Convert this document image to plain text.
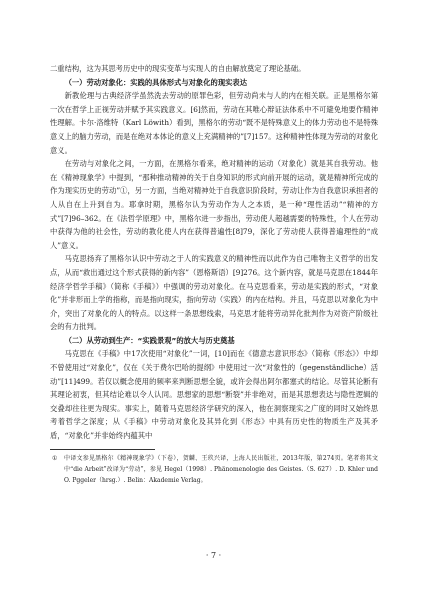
二重结构，这为其思考历史中的现实变革与实现人的自由解放奠定了理论基础。

（一）劳动对象化：实践的具体形式与对象化的现实表达

新教伦理与古典经济学虽然洗去劳动的原罪色彩，但劳动尚未与人的内在相关联。正是黑格尔第一次在哲学上正视劳动并赋予其实践意义。[6]然而，劳动在其唯心辩证法体系中不可避免地要作精神性理解。卡尔·洛维特（Karl Löwith）看到，黑格尔的劳动“既不是特殊意义上的体力劳动也不是特殊意义上的脑力劳动，而是在绝对本体论的意义上充满精神的”[7]157。这种精神性体现为劳动的对象化意义。

在劳动与对象化之间，一方面，在黑格尔看来，绝对精神的运动（对象化）就是其自我劳动。他在《精神现象学》中提到，“那种推动精神的关于自身知识的形式向前开展的运动，就是精神所完成的作为现实历史的劳动”①，另一方面，当绝对精神处于自我意识阶段时，劳动让作为自我意识承担者的人从自在上升到自为。耶拿时期，黑格尔认为劳动作为人之本质，是一种“理性活动”“精神的方式”[7]96–362。在《法哲学原理》中，黑格尔进一步指出，劳动使人超越需要的特殊性，个人在劳动中获得为他的社会性，劳动的教化使人内在获得普遍性[8]79，深化了劳动使人获得普遍理性的“成人”意义。

马克思扬弃了黑格尔认识中劳动之于人的实践意义的精神性而以此作为自己唯物主义哲学的出发点，从而“救出通过这个形式获得的新内容”（恩格斯语）[9]276。这个新内容，就是马克思在1844年经济学哲学手稿》（简称《手稿》）中强调的劳动对象化。在马克思看来，劳动是实践的形式，“对象化”并非形而上学的指称，而是指向现实，指向劳动（实践）的内在结构。并且，马克思以对象化为中介，突出了对象化的人的特点。以这样一条思想线索，马克思才能将劳动异化批判作为对资产阶级社会的有力批判。

（二）从劳动到生产：“实践景观”的放大与历史奠基

马克思在《手稿》中17次使用“对象化”一词，[10]而在《德意志意识形态》（简称《形态》）中却不曾使用过“对象化”，仅在《关于费尔巴哈的提纲》中使用过一次“对象性的（gegenständliche）活动”[11]499。若仅以概念使用的频率来判断思想全貌，或许会得出阿尔都塞式的结论。尽管其论断有其理论初衷，但其结论难以令人认同。思想家的思想“断裂”并非绝对，而是其思想表达与隐性逻辑的交叠却往往更为现实。事实上，随着马克思经济学研究的深入，他在洞察现实之广度的同时又始终思考着哲学之深度；从《手稿》中劳动对象化及其异化到《形态》中具有历史性的物质生产及其矛盾，“对象化”并非始终内蕴其中

① 中译文参见黑格尔《精神现象学》（下卷），贺麟、王玖兴译，上海人民出版社，2013年版，第274页。笔者将其文中“die Arbeit”改译为“劳动”，参见 Hegel（1998）. Phänomenologie des Geistes.（S. 627）. D. Khler und O. Pggeler（hrsg.）. Belin：Akademie Verlag。
· 7 ·
